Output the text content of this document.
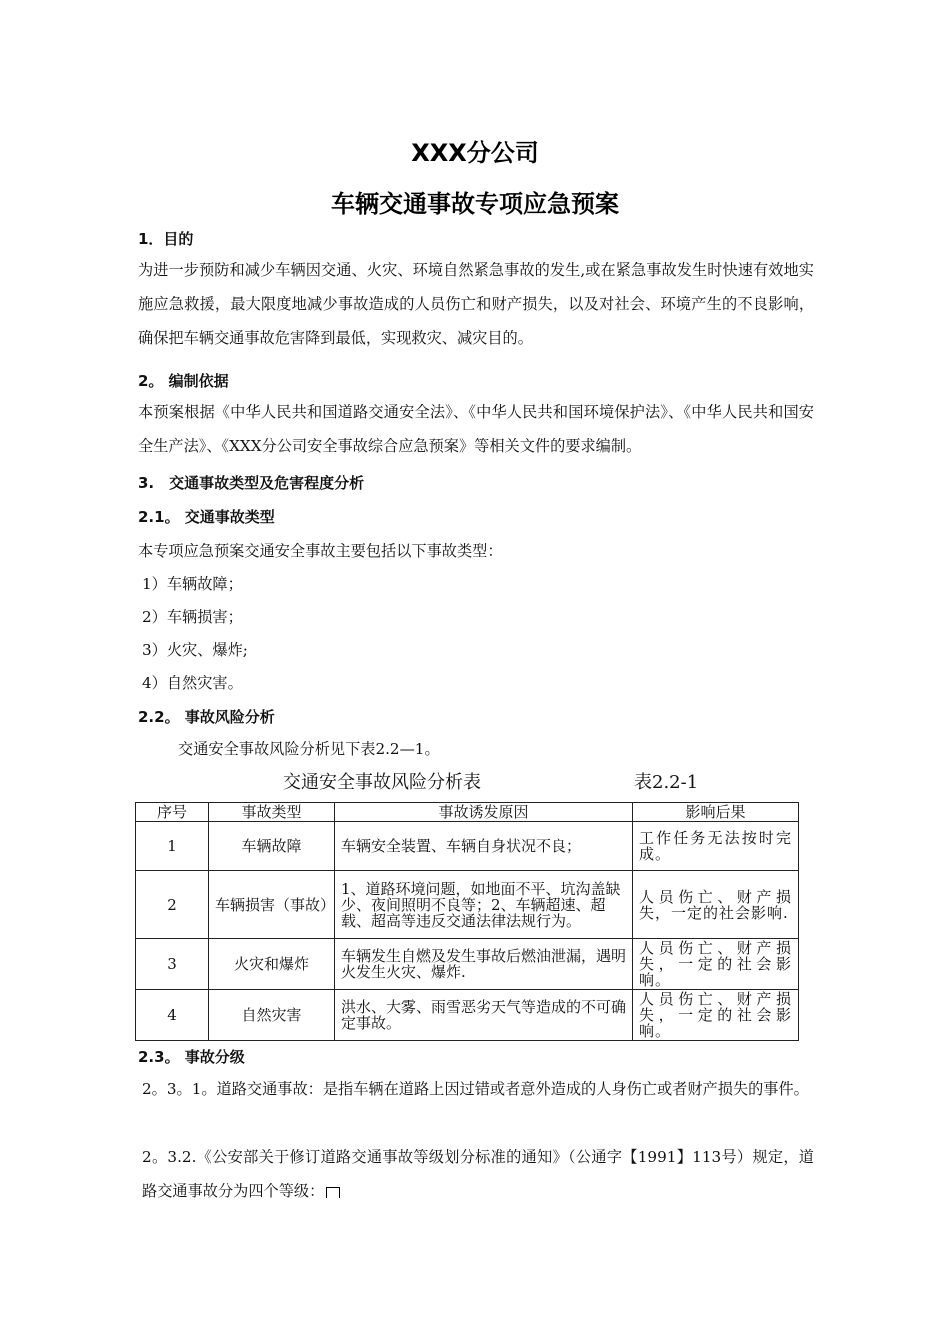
XXX分公司
车辆交通事故专项应急预案
1．目的
为进一步预防和减少车辆因交通、火灾、环境自然紧急事故的发生,或在紧急事故发生时快速有效地实施应急救援，最大限度地减少事故造成的人员伤亡和财产损失，以及对社会、环境产生的不良影响，确保把车辆交通事故危害降到最低，实现救灾、减灾目的。
2。 编制依据
本预案根据《中华人民共和国道路交通安全法》、《中华人民共和国环境保护法》、《中华人民共和国安全生产法》、《XXX分公司安全事故综合应急预案》等相关文件的要求编制。
3.　交通事故类型及危害程度分析
2.1。 交通事故类型
本专项应急预案交通安全事故主要包括以下事故类型：
1）车辆故障；
2）车辆损害；
3）火灾、爆炸;
4）自然灾害。
2.2。 事故风险分析
交通安全事故风险分析见下表2.2—1。
交通安全事故风险分析表	表2.2-1
序号	事故类型	事故诱发原因	影响后果
1	车辆故障	车辆安全装置、车辆自身状况不良；	工作任务无法按时完成。
2	车辆损害（事故）	1、道路环境问题，如地面不平、坑沟盖缺少、夜间照明不良等；2、车辆超速、超载、超高等违反交通法律法规行为。	人员伤亡、财产损失，一定的社会影响.
3	火灾和爆炸	车辆发生自燃及发生事故后燃油泄漏，遇明火发生火灾、爆炸.	人员伤亡、财产损失，一定的社会影响。
4	自然灾害	洪水、大雾、雨雪恶劣天气等造成的不可确定事故。	人员伤亡、财产损失，一定的社会影响。
2.3。 事故分级
2。3。1。道路交通事故：是指车辆在道路上因过错或者意外造成的人身伤亡或者财产损失的事件。
2。3.2.《公安部关于修订道路交通事故等级划分标准的通知》（公通字【1991】113号）规定，道路交通事故分为四个等级：
